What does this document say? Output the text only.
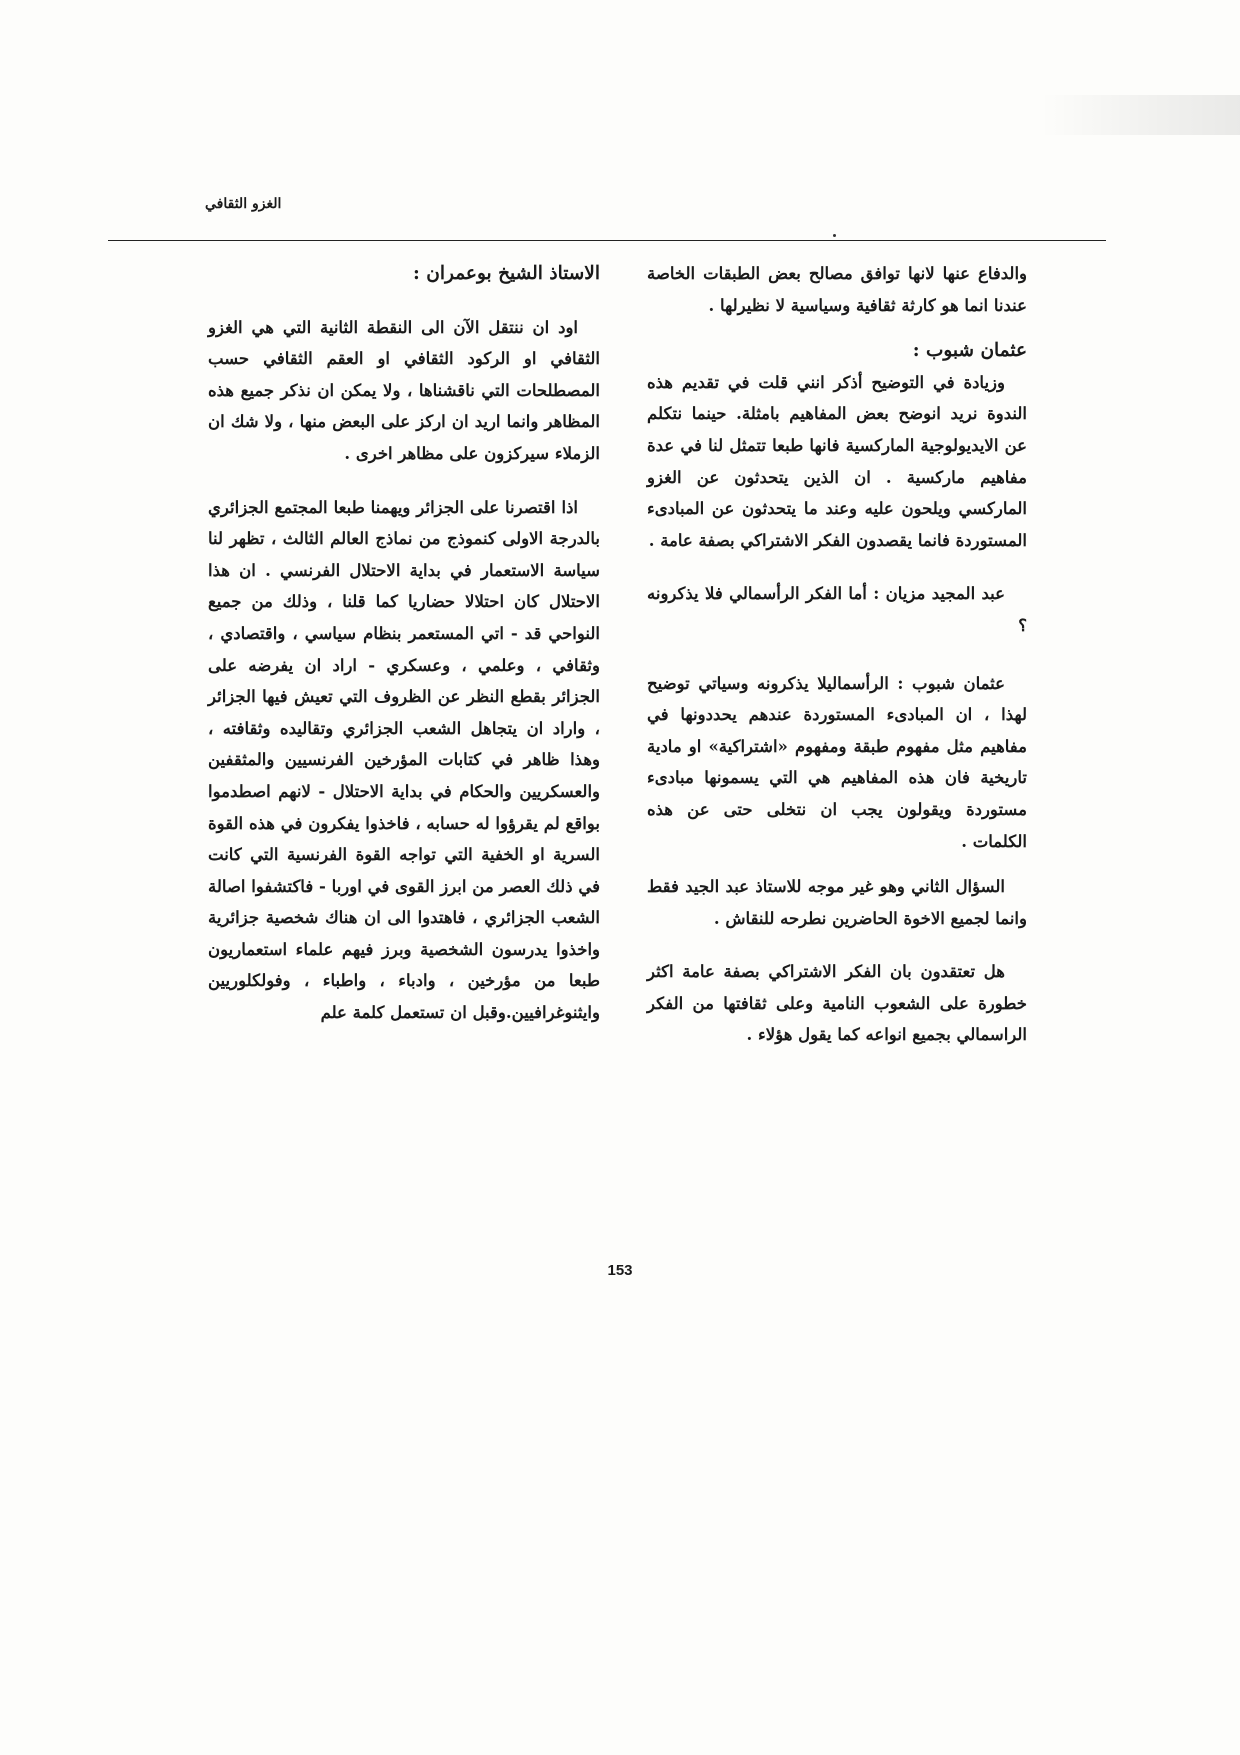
الغزو الثقافي

والدفاع عنها لانها توافق مصالح بعض الطبقات الخاصة عندنا انما هو كارثة ثقافية وسياسية لا نظيرلها .

عثمان شبوب :

وزيادة في التوضيح أذكر انني قلت في تقديم هذه الندوة نريد انوضح بعض المفاهيم بامثلة. حينما نتكلم عن الايديولوجية الماركسية فانها طبعا تتمثل لنا في عدة مفاهيم ماركسية . ان الذين يتحدثون عن الغزو الماركسي ويلحون عليه وعند ما يتحدثون عن المبادىء المستوردة فانما يقصدون الفكر الاشتراكي بصفة عامة .

عبد المجيد مزيان : أما الفكر الرأسمالي فلا يذكرونه ؟

عثمان شبوب : الرأسماليلا يذكرونه وسياتي توضيح لهذا ، ان المبادىء المستوردة عندهم يحددونها في مفاهيم مثل مفهوم طبقة ومفهوم «اشتراكية» او مادية تاريخية فان هذه المفاهيم هي التي يسمونها مبادىء مستوردة ويقولون يجب ان نتخلى حتى عن هذه الكلمات .

السؤال الثاني وهو غير موجه للاستاذ عبد الجيد فقط وانما لجميع الاخوة الحاضرين نطرحه للنقاش .

هل تعتقدون بان الفكر الاشتراكي بصفة عامة اكثر خطورة على الشعوب النامية وعلى ثقافتها من الفكر الراسمالي بجميع انواعه كما يقول هؤلاء .

الاستاذ الشيخ بوعمران :

اود ان ننتقل الآن الى النقطة الثانية التي هي الغزو الثقافي او الركود الثقافي او العقم الثقافي حسب المصطلحات التي ناقشناها ، ولا يمكن ان نذكر جميع هذه المظاهر وانما اريد ان اركز على البعض منها ، ولا شك ان الزملاء سيركزون على مظاهر اخرى .

اذا اقتصرنا على الجزائر ويهمنا طبعا المجتمع الجزائري بالدرجة الاولى كنموذج من نماذج العالم الثالث ، تظهر لنا سياسة الاستعمار في بداية الاحتلال الفرنسي . ان هذا الاحتلال كان احتلالا حضاريا كما قلنا ، وذلك من جميع النواحي قد - اتي المستعمر بنظام سياسي ، واقتصادي ، وثقافي ، وعلمي ، وعسكري - اراد ان يفرضه على الجزائر بقطع النظر عن الظروف التي تعيش فيها الجزائر ، واراد ان يتجاهل الشعب الجزائري وتقاليده وثقافته ، وهذا ظاهر في كتابات المؤرخين الفرنسيين والمثقفين والعسكريين والحكام في بداية الاحتلال - لانهم اصطدموا بواقع لم يقرؤوا له حسابه ، فاخذوا يفكرون في هذه القوة السرية او الخفية التي تواجه القوة الفرنسية التي كانت في ذلك العصر من ابرز القوى في اوربا - فاكتشفوا اصالة الشعب الجزائري ، فاهتدوا الى ان هناك شخصية جزائرية واخذوا يدرسون الشخصية وبرز فيهم علماء استعماريون طبعا من مؤرخين ، وادباء ، واطباء ، وفولكلوريين وايثنوغرافيين.وقبل ان تستعمل كلمة علم

153
